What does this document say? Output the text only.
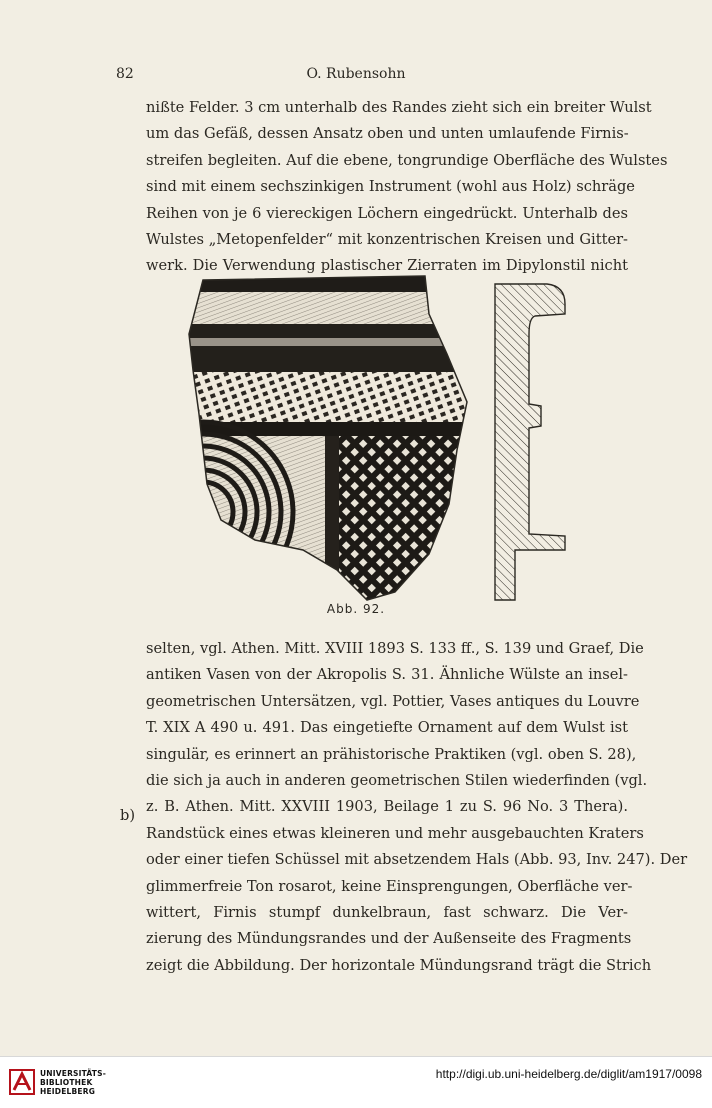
82	O. Rubensohn
nißte Felder. 3 cm unterhalb des Randes zieht sich ein breiter Wulst
um das Gefäß, dessen Ansatz oben und unten umlaufende Firnis-
streifen begleiten. Auf die ebene, tongrundige Oberfläche des Wulstes
sind mit einem sechszinkigen Instrument (wohl aus Holz) schräge
Reihen von je 6 viereckigen Löchern eingedrückt. Unterhalb des
Wulstes „Metopenfelder“ mit konzentrischen Kreisen und Gitter-
werk. Die Verwendung plastischer Zierraten im Dipylonstil nicht
Abb. 92.
b)
selten, vgl. Athen. Mitt. XVIII 1893 S. 133 ff., S. 139 und Graef, Die
antiken Vasen von der Akropolis S. 31. Ähnliche Wülste an insel-
geometrischen Untersätzen, vgl. Pottier, Vases antiques du Louvre
T. XIX A 490 u. 491. Das eingetiefte Ornament auf dem Wulst ist
singulär, es erinnert an prähistorische Praktiken (vgl. oben S. 28),
die sich ja auch in anderen geometrischen Stilen wiederfinden (vgl.
z. B. Athen. Mitt. XXVIII 1903, Beilage 1 zu S. 96 No. 3 Thera).
Randstück eines etwas kleineren und mehr ausgebauchten Kraters
oder einer tiefen Schüssel mit absetzendem Hals (Abb. 93, Inv. 247). Der
glimmerfreie Ton rosarot, keine Einsprengungen, Oberfläche ver-
wittert, Firnis stumpf dunkelbraun, fast schwarz. Die Ver-
zierung des Mündungsrandes und der Außenseite des Fragments
zeigt die Abbildung. Der horizontale Mündungsrand trägt die Strich
UNIVERSITÄTS-
BIBLIOTHEK
HEIDELBERG
http://digi.ub.uni-heidelberg.de/diglit/am1917/0098
